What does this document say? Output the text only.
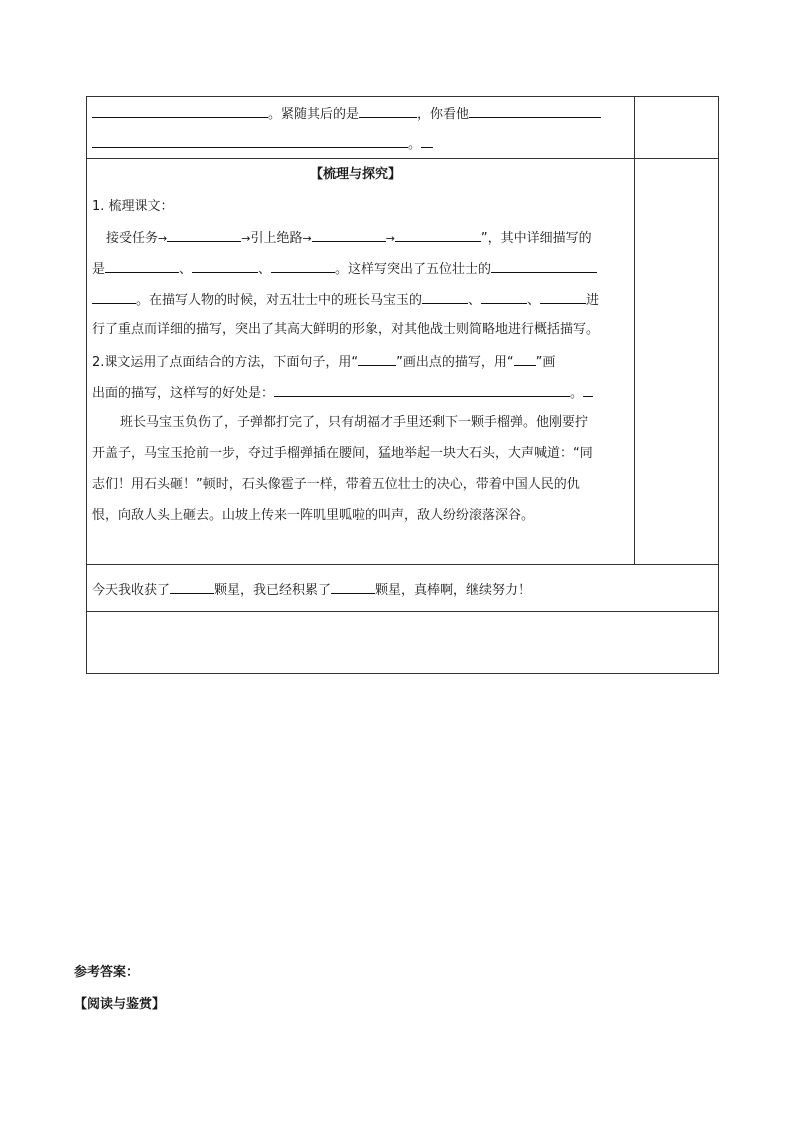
。紧随其后的是	，你看他
。
【梳理与探究】
1. 梳理课文：
接受任务→	→引上绝路→	→	”，其中详细描写的
是	、	、	。这样写突出了五位壮士的
。在描写人物的时候，对五壮士中的班长马宝玉的	、	、	进
行了重点而详细的描写，突出了其高大鲜明的形象，对其他战士则简略地进行概括描写。
2.课文运用了点面结合的方法，下面句子，用“	”画出点的描写，用“ ”画
出面的描写，这样写的好处是：	。
班长马宝玉负伤了，子弹都打完了，只有胡福才手里还剩下一颗手榴弹。他刚要拧
开盖子，马宝玉抢前一步，夺过手榴弹插在腰间，猛地举起一块大石头，大声喊道：“同
志们！用石头砸！”顿时，石头像雹子一样，带着五位壮士的决心，带着中国人民的仇
恨，向敌人头上砸去。山坡上传来一阵叽里呱啦的叫声，敌人纷纷滚落深谷。
今天我收获了	颗星，我已经积累了	颗星，真棒啊，继续努力！
参考答案：
【阅读与鉴赏】
